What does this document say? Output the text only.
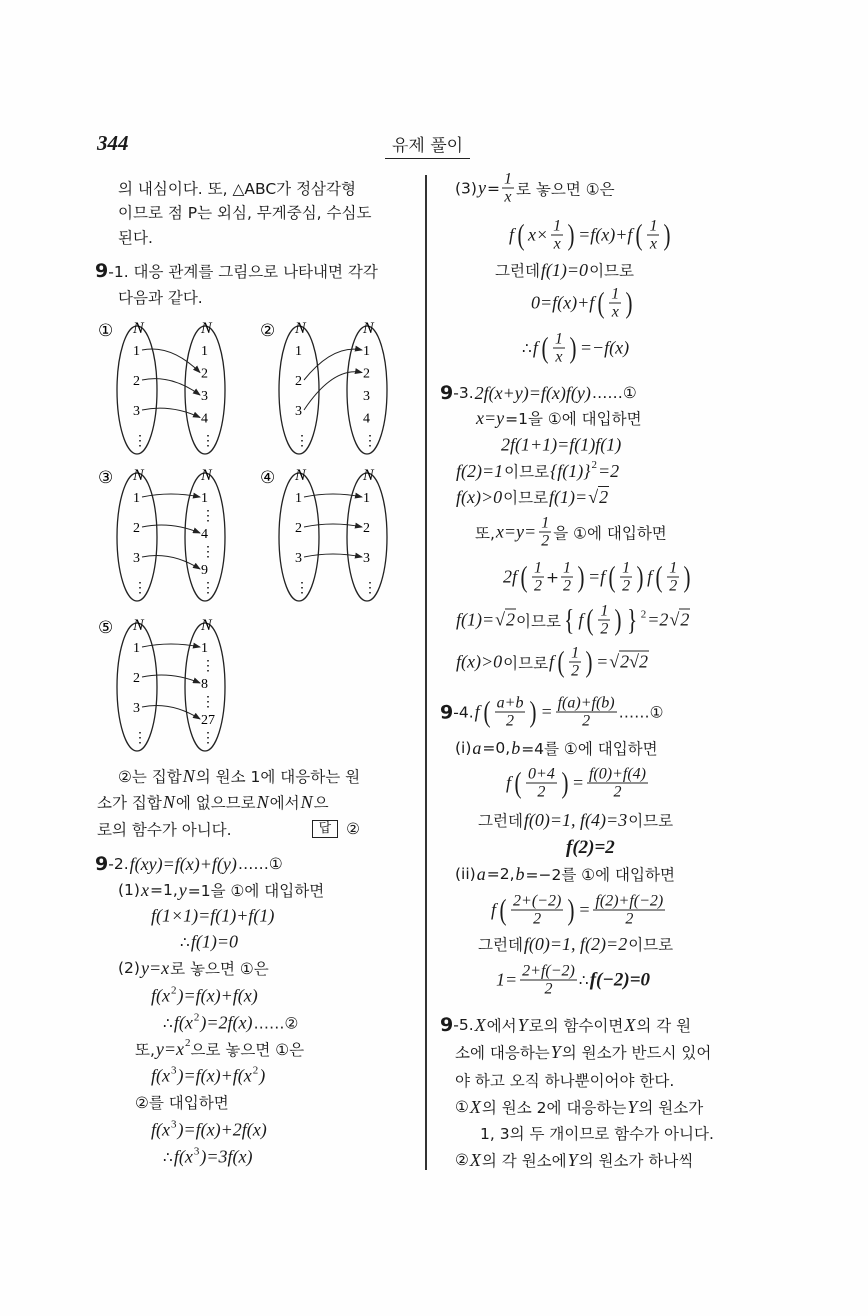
344	유제 풀이
의 내심이다. 또, △ABC가 정삼각형
이므로 점 P는 외심, 무게중심, 수심도
된다.
9 -1. 대응 관계를 그림으로 나타내면 각각
다음과 같다.
②는 집합 N 의 원소 1에 대응하는 원
소가 집합 N 에 없으므로 N 에서 N 으
로의 함수가 아니다.	답 ②
9 -2. f(xy)=f(x)+f(y) ……①
(1) x =1, y =1을 ①에 대입하면
f(1×1)=f(1)+f(1)
∴ f(1)=0
(2) y=x 로 놓으면 ①은
f(x 2 )=f(x)+f(x)
∴ f(x 2 )=2f(x) ……②
또, y=x 2 으로 놓으면 ①은
f(x 3 )=f(x)+f(x 2 )
②를 대입하면
f(x 3 )=f(x)+2f(x)
∴ f(x 3 )=3f(x)
(3) $y = \frac{1}{x}$ 로 놓으면 ①은
f ( $x\times \frac{1}{x}$ ) =f(x)+f ( $\frac{1}{x}$ )
그런데 f(1)=0 이므로
0=f(x)+f ( $\frac{1}{x}$ )
∴ f ( $\frac{1}{x}$ ) =−f(x)
9 -3. 2f(x+y)=f(x)f(y) ……①
x=y =1을 ①에 대입하면
2f(1+1)=f(1)f(1)
f(2)=1 이므로 {f(1)} 2 =2
f(x)>0 이므로 f(1)= √2
또, $x=y= \frac{1}{2}$ 을 ①에 대입하면
2f ( $\frac{1}{2} + \frac{1}{2}$ ) =f ( $\frac{1}{2}$ ) f ( $\frac{1}{2}$ )
f(1)= √2 이므로 { f ( $\frac{1}{2}$ ) } 2 =2 √2
f(x)>0 이므로 f ( $\frac{1}{2}$ ) = √2√2
9 -4. f ( $\frac{a+b}{2}$ ) = $\frac{f(a)+f(b)}{2}$ ……①
(i) a =0, b =4를 ①에 대입하면
f ( $\frac{0+4}{2}$ ) = $\frac{f(0)+f(4)}{2}$
그런데 f(0)=1, f(4)=3 이므로
f(2)=2
(ii) a =2, b =−2를 ①에 대입하면
f ( $\frac{2+(-2)}{2}$ ) = $\frac{f(2)+f(-2)}{2}$
그런데 f(0)=1, f(2)=2 이므로
$1= \frac{2+f(-2)}{2}$ ∴ f(−2)=0
9 -5. X 에서 Y 로의 함수이면 X 의 각 원
소에 대응하는 Y 의 원소가 반드시 있어
야 하고 오직 하나뿐이어야 한다.
① X 의 원소 2에 대응하는 Y 의 원소가
1, 3의 두 개이므로 함수가 아니다.
② X 의 각 원소에 Y 의 원소가 하나씩
① N	N
1
2
3
⋮
1
2
3
4
⋮
② N	N
1
2
3
⋮
1
2
3
4
⋮
③ N	N
1
2
3
⋮
1
⋮
4
⋮
9
⋮
④ N	N
1
2
3
⋮
1
2
3
⋮
⑤ N	N
1
2
3
⋮
1
⋮
8
⋮
27
⋮
